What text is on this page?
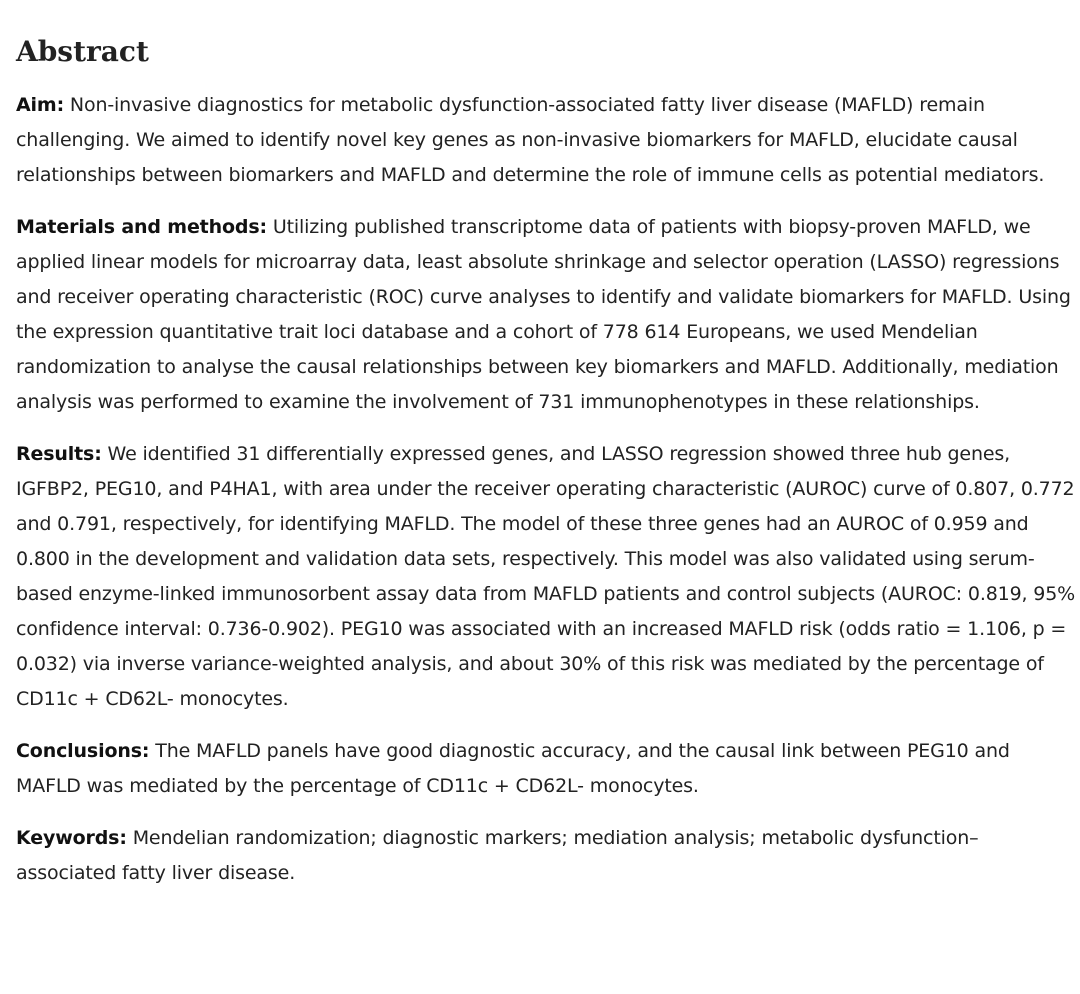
Abstract

Aim: Non-invasive diagnostics for metabolic dysfunction-associated fatty liver disease (MAFLD) remain challenging. We aimed to identify novel key genes as non-invasive biomarkers for MAFLD, elucidate causal relationships between biomarkers and MAFLD and determine the role of immune cells as potential mediators.

Materials and methods: Utilizing published transcriptome data of patients with biopsy-proven MAFLD, we applied linear models for microarray data, least absolute shrinkage and selector operation (LASSO) regressions and receiver operating characteristic (ROC) curve analyses to identify and validate biomarkers for MAFLD. Using the expression quantitative trait loci database and a cohort of 778 614 Europeans, we used Mendelian randomization to analyse the causal relationships between key biomarkers and MAFLD. Additionally, mediation analysis was performed to examine the involvement of 731 immunophenotypes in these relationships.

Results: We identified 31 differentially expressed genes, and LASSO regression showed three hub genes, IGFBP2, PEG10, and P4HA1, with area under the receiver operating characteristic (AUROC) curve of 0.807, 0.772 and 0.791, respectively, for identifying MAFLD. The model of these three genes had an AUROC of 0.959 and 0.800 in the development and validation data sets, respectively. This model was also validated using serum-based enzyme-linked immunosorbent assay data from MAFLD patients and control subjects (AUROC: 0.819, 95% confidence interval: 0.736-0.902). PEG10 was associated with an increased MAFLD risk (odds ratio = 1.106, p = 0.032) via inverse variance-weighted analysis, and about 30% of this risk was mediated by the percentage of CD11c + CD62L- monocytes.

Conclusions: The MAFLD panels have good diagnostic accuracy, and the causal link between PEG10 and MAFLD was mediated by the percentage of CD11c + CD62L- monocytes.

Keywords: Mendelian randomization; diagnostic markers; mediation analysis; metabolic dysfunction–associated fatty liver disease.
